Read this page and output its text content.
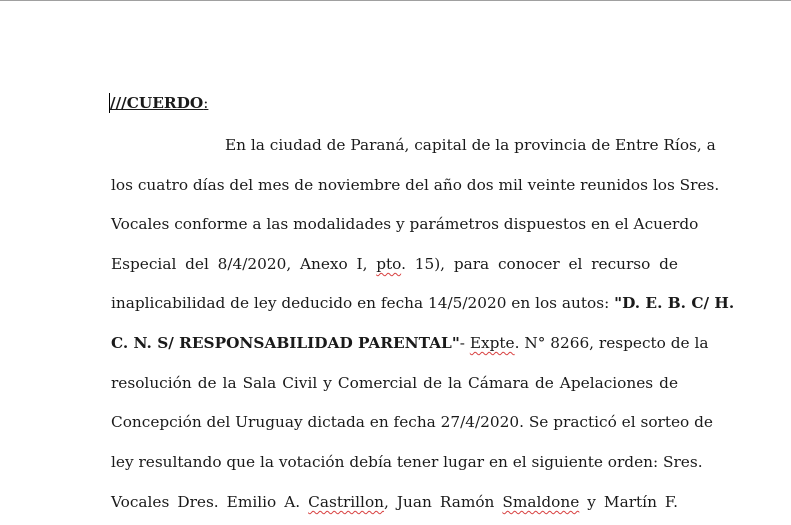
///CUERDO:
En la ciudad de Paraná, capital de la provincia de Entre Ríos, a
los cuatro días del mes de noviembre del año dos mil veinte reunidos los Sres.
Vocales conforme a las modalidades y parámetros dispuestos en el Acuerdo
Especial del 8/4/2020, Anexo I, pto. 15), para conocer el recurso de
inaplicabilidad de ley deducido en fecha 14/5/2020 en los autos: "D. E. B. C/ H.
C. N. S/ RESPONSABILIDAD PARENTAL"- Expte. N° 8266, respecto de la
resolución de la Sala Civil y Comercial de la Cámara de Apelaciones de
Concepción del Uruguay dictada en fecha 27/4/2020. Se practicó el sorteo de
ley resultando que la votación debía tener lugar en el siguiente orden: Sres.
Vocales Dres. Emilio A. Castrillon, Juan Ramón Smaldone y Martín F.
